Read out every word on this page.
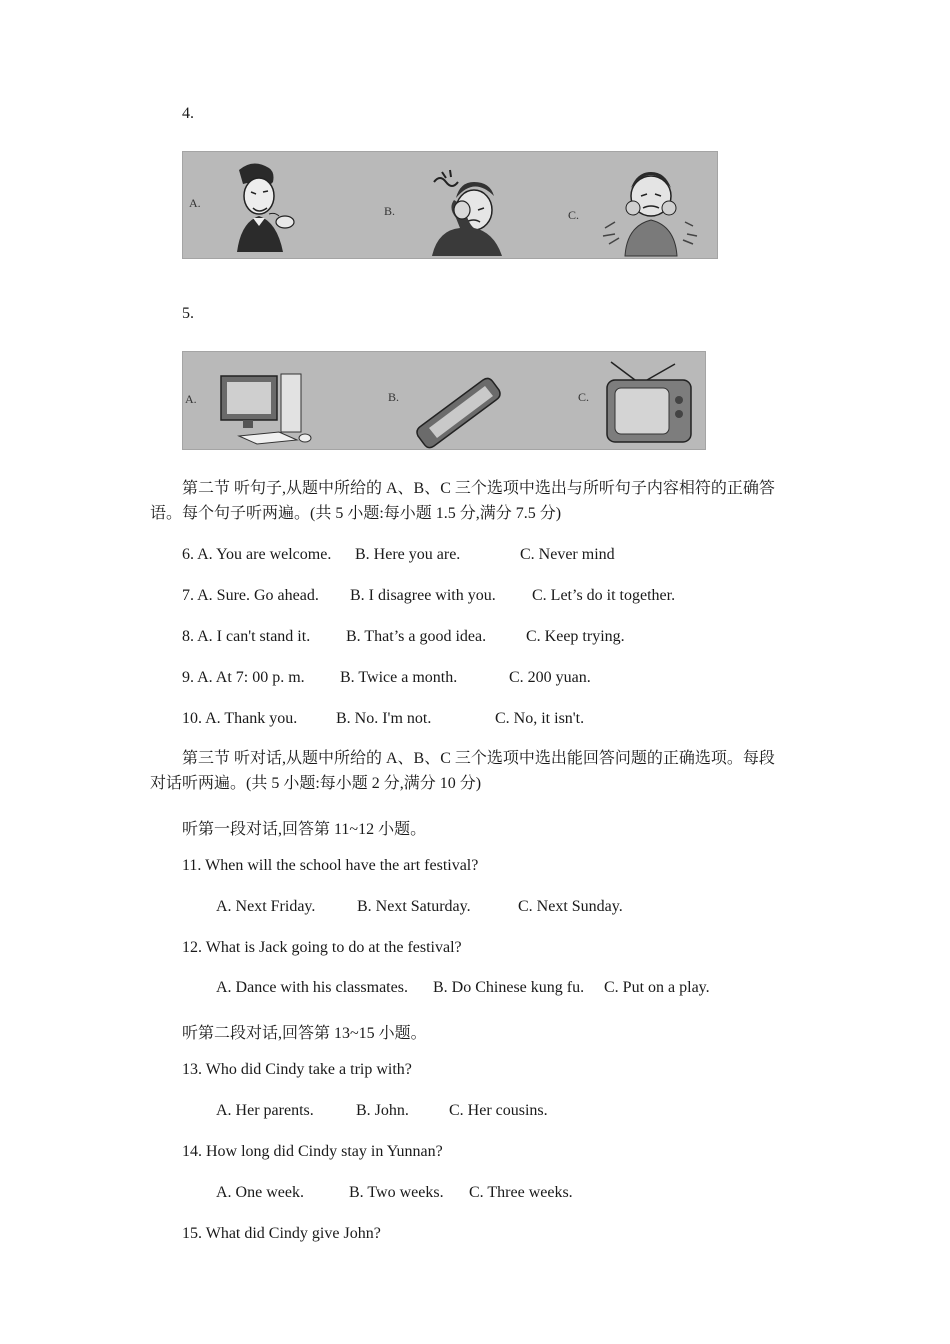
4.
A.
B.	C.
5.
A.	B.	C.
第二节 听句子,从题中所给的 A、B、C 三个选项中选出与所听句子内容相符的正确答
语。每个句子听两遍。(共 5 小题:每小题 1.5 分,满分 7.5 分)
6. A. You are welcome. B. Here you are.	C. Never mind
7. A. Sure. Go ahead. B. I disagree with you. C. Let’s do it together.
8. A. I can't stand it. B. That’s a good idea. C. Keep trying.
9. A. At 7: 00 p. m. B. Twice a month.	C. 200 yuan.
10. A. Thank you. B. No. I'm not.	C. No, it isn't.
第三节 听对话,从题中所给的 A、B、C 三个选项中选出能回答问题的正确选项。每段
对话听两遍。(共 5 小题:每小题 2 分,满分 10 分)
听第一段对话,回答第 11~12 小题。
11. When will the school have the art festival?
A. Next Friday.	B. Next Saturday.	C. Next Sunday.
12. What is Jack going to do at the festival?
A. Dance with his classmates. B. Do Chinese kung fu. C. Put on a play.
听第二段对话,回答第 13~15 小题。
13. Who did Cindy take a trip with?
A. Her parents.	B. John.	C. Her cousins.
14. How long did Cindy stay in Yunnan?
A. One week.	B. Two weeks. C. Three weeks.
15. What did Cindy give John?
